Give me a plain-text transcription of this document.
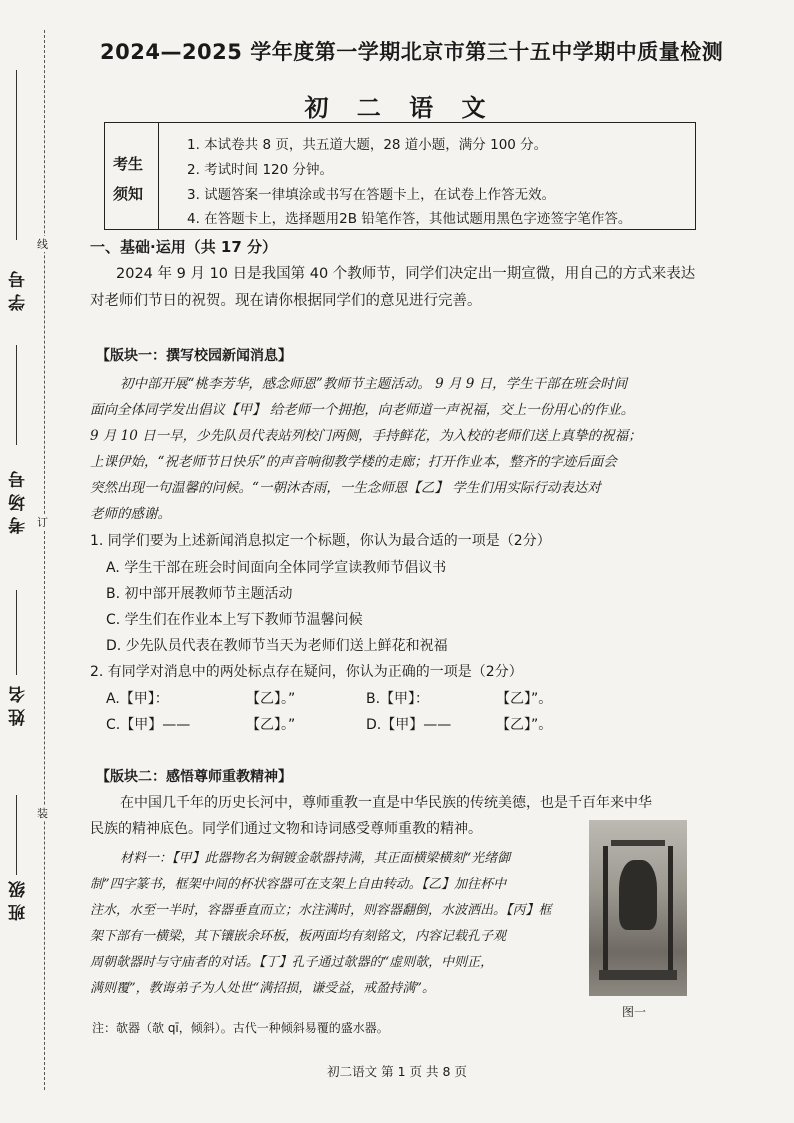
线
订
装
学号
考场号
姓名
班级
2024—2025 学年度第一学期北京市第三十五中学期中质量检测
初 二 语 文
考生
须知
1. 本试卷共 8 页，共五道大题，28 道小题，满分 100 分。
2. 考试时间 120 分钟。
3. 试题答案一律填涂或书写在答题卡上，在试卷上作答无效。
4. 在答题卡上，选择题用2B 铅笔作答，其他试题用黑色字迹签字笔作答。
一、基础·运用（共 17 分）
2024 年 9 月 10 日是我国第 40 个教师节，同学们决定出一期宣微，用自己的方式来表达
对老师们节日的祝贺。现在请你根据同学们的意见进行完善。
【版块一：撰写校园新闻消息】
初中部开展“桃李芳华，感念师恩”教师节主题活动。 9 月 9 日，学生干部在班会时间
面向全体同学发出倡议【甲】 给老师一个拥抱，向老师道一声祝福，交上一份用心的作业。
9 月 10 日一早，少先队员代表站列校门两侧，手持鲜花，为入校的老师们送上真挚的祝福；
上课伊始，“祝老师节日快乐”的声音响彻教学楼的走廊；打开作业本，整齐的字迹后面会
突然出现一句温馨的问候。“一朝沐杏雨，一生念师恩【乙】 学生们用实际行动表达对
老师的感谢。
1. 同学们要为上述新闻消息拟定一个标题，你认为最合适的一项是（2分）
A. 学生干部在班会时间面向全体同学宣读教师节倡议书
B. 初中部开展教师节主题活动
C. 学生们在作业本上写下教师节温馨问候
D. 少先队员代表在教师节当天为老师们送上鲜花和祝福
2. 有同学对消息中的两处标点存在疑问，你认为正确的一项是（2分）
A.【甲】：	【乙】。”	B.【甲】：	【乙】”。
C.【甲】——	【乙】。”	D.【甲】——	【乙】”。
【版块二：感悟尊师重教精神】
在中国几千年的历史长河中，尊师重教一直是中华民族的传统美德，也是千百年来中华
民族的精神底色。同学们通过文物和诗词感受尊师重教的精神。
材料一：【甲】此器物名为铜镀金欹器持满，其正面横梁横刻“光绪御
制”四字篆书，框架中间的杯状容器可在支架上自由转动。【乙】加往杯中
注水，水至一半时，容器垂直而立；水注满时，则容器翻倒，水波洒出。【丙】框
架下部有一横梁，其下镶嵌余环板，板两面均有刻铭文，内容记载孔子观
周朝欹器时与守庙者的对话。【丁】孔子通过欹器的“虚则欹，中则正，
满则覆”，教诲弟子为人处世“满招损，谦受益，戒盈持满”。
图一
注：欹器（欹 qī，倾斜）。古代一种倾斜易覆的盛水器。
初二语文 第 1 页 共 8 页
